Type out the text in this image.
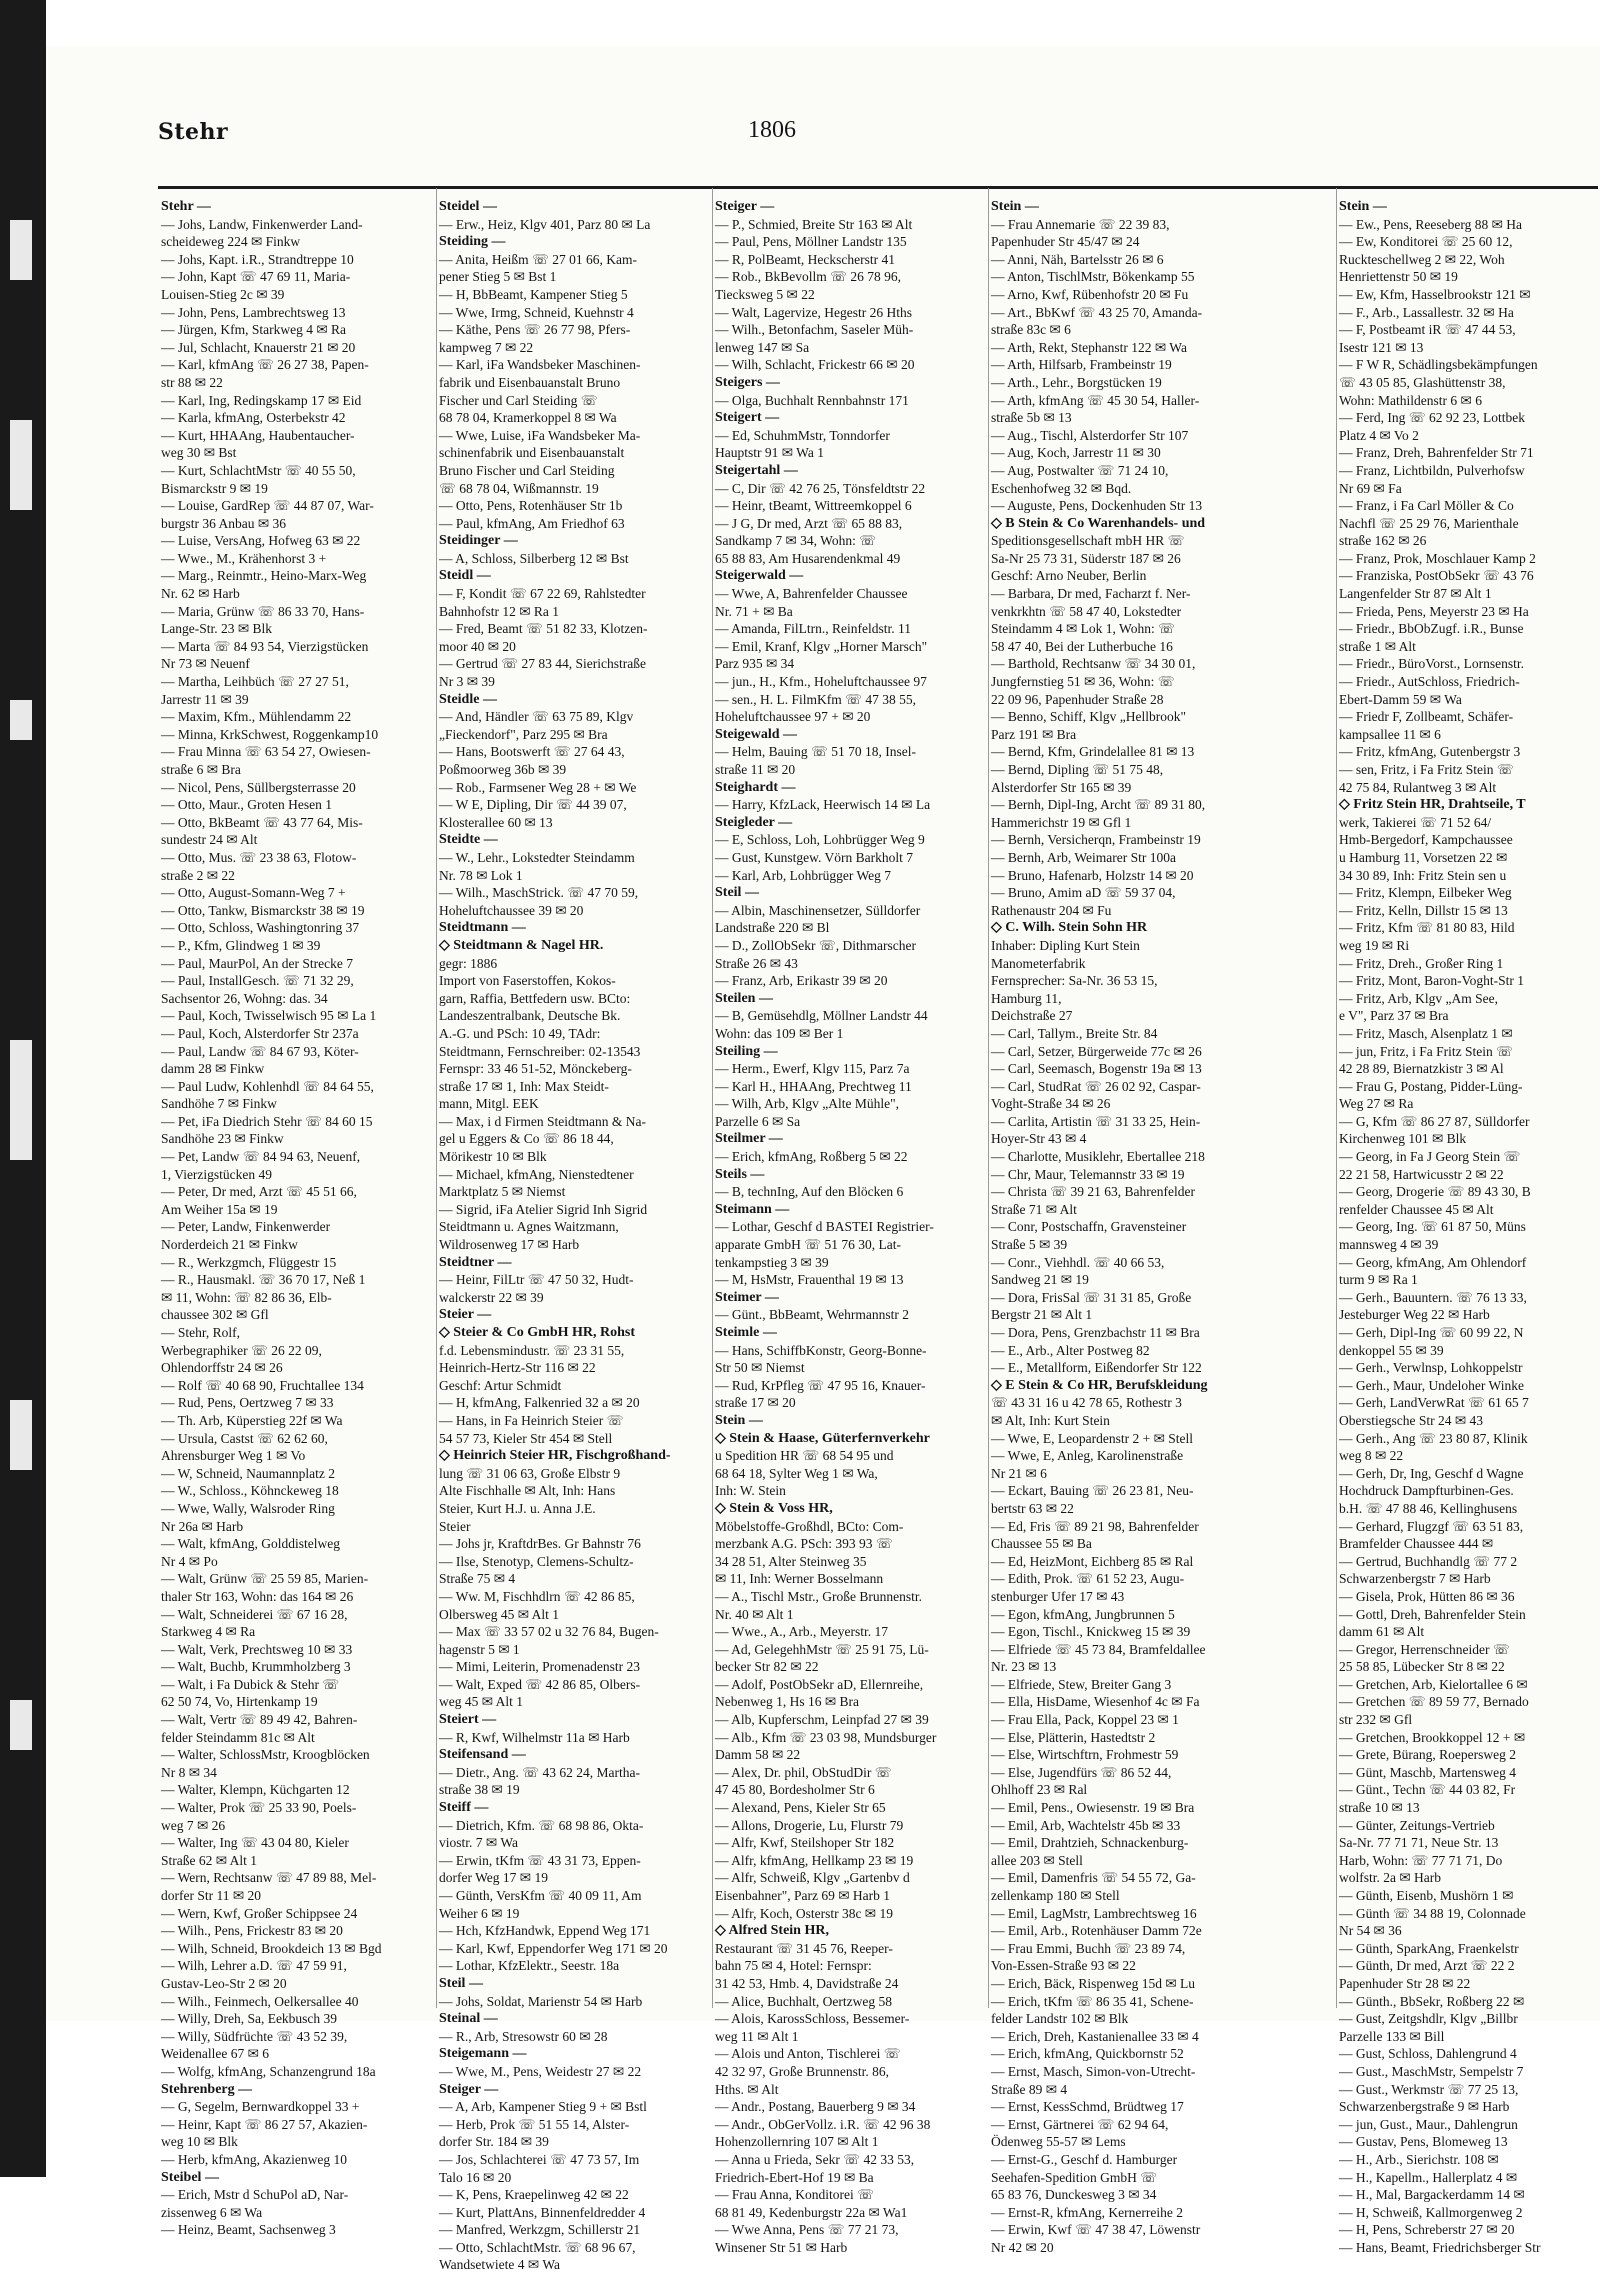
Stehr	1806
Stehr —
— Johs, Landw, Finkenwerder Land-
scheideweg 224 ✉ Finkw
— Johs, Kapt. i.R., Strandtreppe 10
— John, Kapt ☏ 47 69 11, Maria-
Louisen-Stieg 2c ✉ 39
— John, Pens, Lambrechtsweg 13
— Jürgen, Kfm, Starkweg 4 ✉ Ra
— Jul, Schlacht, Knauerstr 21 ✉ 20
— Karl, kfmAng ☏ 26 27 38, Papen-
str 88 ✉ 22
— Karl, Ing, Redingskamp 17 ✉ Eid
— Karla, kfmAng, Osterbekstr 42
— Kurt, HHAAng, Haubentaucher-
weg 30 ✉ Bst
— Kurt, SchlachtMstr ☏ 40 55 50,
Bismarckstr 9 ✉ 19
— Louise, GardRep ☏ 44 87 07, War-
burgstr 36 Anbau ✉ 36
— Luise, VersAng, Hofweg 63 ✉ 22
— Wwe., M., Krähenhorst 3 +
— Marg., Reinmtr., Heino-Marx-Weg
Nr. 62 ✉ Harb
— Maria, Grünw ☏ 86 33 70, Hans-
Lange-Str. 23 ✉ Blk
— Marta ☏ 84 93 54, Vierzigstücken
Nr 73 ✉ Neuenf
— Martha, Leihbüch ☏ 27 27 51,
Jarrestr 11 ✉ 39
— Maxim, Kfm., Mühlendamm 22
— Minna, KrkSchwest, Roggenkamp10
— Frau Minna ☏ 63 54 27, Owiesen-
straße 6 ✉ Bra
— Nicol, Pens, Süllbergsterrasse 20
— Otto, Maur., Groten Hesen 1
— Otto, BkBeamt ☏ 43 77 64, Mis-
sundestr 24 ✉ Alt
— Otto, Mus. ☏ 23 38 63, Flotow-
straße 2 ✉ 22
— Otto, August-Somann-Weg 7 +
— Otto, Tankw, Bismarckstr 38 ✉ 19
— Otto, Schloss, Washingtonring 37
— P., Kfm, Glindweg 1 ✉ 39
— Paul, MaurPol, An der Strecke 7
— Paul, InstallGesch. ☏ 71 32 29,
Sachsentor 26, Wohng: das. 34
— Paul, Koch, Twisselwisch 95 ✉ La 1
— Paul, Koch, Alsterdorfer Str 237a
— Paul, Landw ☏ 84 67 93, Köter-
damm 28 ✉ Finkw
— Paul Ludw, Kohlenhdl ☏ 84 64 55,
Sandhöhe 7 ✉ Finkw
— Pet, iFa Diedrich Stehr ☏ 84 60 15
Sandhöhe 23 ✉ Finkw
— Pet, Landw ☏ 84 94 63, Neuenf,
1, Vierzigstücken 49
— Peter, Dr med, Arzt ☏ 45 51 66,
Am Weiher 15a ✉ 19
— Peter, Landw, Finkenwerder
Norderdeich 21 ✉ Finkw
— R., Werkzgmch, Flüggestr 15
— R., Hausmakl. ☏ 36 70 17, Neß 1
✉ 11, Wohn: ☏ 82 86 36, Elb-
chaussee 302 ✉ Gfl
— Stehr, Rolf,
Werbegraphiker ☏ 26 22 09,
Ohlendorffstr 24 ✉ 26
— Rolf ☏ 40 68 90, Fruchtallee 134
— Rud, Pens, Oertzweg 7 ✉ 33
— Th. Arb, Küperstieg 22f ✉ Wa
— Ursula, Castst ☏ 62 62 60,
Ahrensburger Weg 1 ✉ Vo
— W, Schneid, Naumannplatz 2
— W., Schloss., Köhnckeweg 18
— Wwe, Wally, Walsroder Ring
Nr 26a ✉ Harb
— Walt, kfmAng, Golddistelweg
Nr 4 ✉ Po
— Walt, Grünw ☏ 25 59 85, Marien-
thaler Str 163, Wohn: das 164 ✉ 26
— Walt, Schneiderei ☏ 67 16 28,
Starkweg 4 ✉ Ra
— Walt, Verk, Prechtsweg 10 ✉ 33
— Walt, Buchb, Krummholzberg 3
— Walt, i Fa Dubick & Stehr ☏
62 50 74, Vo, Hirtenkamp 19
— Walt, Vertr ☏ 89 49 42, Bahren-
felder Steindamm 81c ✉ Alt
— Walter, SchlossMstr, Kroogblöcken
Nr 8 ✉ 34
— Walter, Klempn, Küchgarten 12
— Walter, Prok ☏ 25 33 90, Poels-
weg 7 ✉ 26
— Walter, Ing ☏ 43 04 80, Kieler
Straße 62 ✉ Alt 1
— Wern, Rechtsanw ☏ 47 89 88, Mel-
dorfer Str 11 ✉ 20
— Wern, Kwf, Großer Schippsee 24
— Wilh., Pens, Frickestr 83 ✉ 20
— Wilh, Schneid, Brookdeich 13 ✉ Bgd
— Wilh, Lehrer a.D. ☏ 47 59 91,
Gustav-Leo-Str 2 ✉ 20
— Wilh., Feinmech, Oelkersallee 40
— Willy, Dreh, Sa, Eekbusch 39
— Willy, Südfrüchte ☏ 43 52 39,
Weidenallee 67 ✉ 6
— Wolfg, kfmAng, Schanzengrund 18a
Stehrenberg —
— G, Segelm, Bernwardkoppel 33 +
— Heinr, Kapt ☏ 86 27 57, Akazien-
weg 10 ✉ Blk
— Herb, kfmAng, Akazienweg 10
Steibel —
— Erich, Mstr d SchuPol aD, Nar-
zissenweg 6 ✉ Wa
— Heinz, Beamt, Sachsenweg 3
Steidel —
— Erw., Heiz, Klgv 401, Parz 80 ✉ La
Steiding —
— Anita, Heißm ☏ 27 01 66, Kam-
pener Stieg 5 ✉ Bst 1
— H, BbBeamt, Kampener Stieg 5
— Wwe, Irmg, Schneid, Kuehnstr 4
— Käthe, Pens ☏ 26 77 98, Pfers-
kampweg 7 ✉ 22
— Karl, iFa Wandsbeker Maschinen-
fabrik und Eisenbauanstalt Bruno
Fischer und Carl Steiding ☏
68 78 04, Kramerkoppel 8 ✉ Wa
— Wwe, Luise, iFa Wandsbeker Ma-
schinenfabrik und Eisenbauanstalt
Bruno Fischer und Carl Steiding
☏ 68 78 04, Wißmannstr. 19
— Otto, Pens, Rotenhäuser Str 1b
— Paul, kfmAng, Am Friedhof 63
Steidinger —
— A, Schloss, Silberberg 12 ✉ Bst
Steidl —
— F, Kondit ☏ 67 22 69, Rahlstedter
Bahnhofstr 12 ✉ Ra 1
— Fred, Beamt ☏ 51 82 33, Klotzen-
moor 40 ✉ 20
— Gertrud ☏ 27 83 44, Sierichstraße
Nr 3 ✉ 39
Steidle —
— And, Händler ☏ 63 75 89, Klgv
„Fieckendorf", Parz 295 ✉ Bra
— Hans, Bootswerft ☏ 27 64 43,
Poßmoorweg 36b ✉ 39
— Rob., Farmsener Weg 28 + ✉ We
— W E, Dipling, Dir ☏ 44 39 07,
Klosterallee 60 ✉ 13
Steidte —
— W., Lehr., Lokstedter Steindamm
Nr. 78 ✉ Lok 1
— Wilh., MaschStrick. ☏ 47 70 59,
Hoheluftchaussee 39 ✉ 20
Steidtmann —
◇ Steidtmann & Nagel HR.
gegr: 1886
Import von Faserstoffen, Kokos-
garn, Raffia, Bettfedern usw. BCto:
Landeszentralbank, Deutsche Bk.
A.-G. und PSch: 10 49, TAdr:
Steidtmann, Fernschreiber: 02-13543
Fernspr: 33 46 51-52, Mönckeberg-
straße 17 ✉ 1, Inh: Max Steidt-
mann, Mitgl. EEK
— Max, i d Firmen Steidtmann & Na-
gel u Eggers & Co ☏ 86 18 44,
Mörikestr 10 ✉ Blk
— Michael, kfmAng, Nienstedtener
Marktplatz 5 ✉ Niemst
— Sigrid, iFa Atelier Sigrid Inh Sigrid
Steidtmann u. Agnes Waitzmann,
Wildrosenweg 17 ✉ Harb
Steidtner —
— Heinr, FilLtr ☏ 47 50 32, Hudt-
walckerstr 22 ✉ 39
Steier —
◇ Steier & Co GmbH HR, Rohst
f.d. Lebensmindustr. ☏ 23 31 55,
Heinrich-Hertz-Str 116 ✉ 22
Geschf: Artur Schmidt
— H, kfmAng, Falkenried 32 a ✉ 20
— Hans, in Fa Heinrich Steier ☏
54 57 73, Kieler Str 454 ✉ Stell
◇ Heinrich Steier HR, Fischgroßhand-
lung ☏ 31 06 63, Große Elbstr 9
Alte Fischhalle ✉ Alt, Inh: Hans
Steier, Kurt H.J. u. Anna J.E.
Steier
— Johs jr, KraftdrBes. Gr Bahnstr 76
— Ilse, Stenotyp, Clemens-Schultz-
Straße 75 ✉ 4
— Ww. M, Fischhdlrn ☏ 42 86 85,
Olbersweg 45 ✉ Alt 1
— Max ☏ 33 57 02 u 32 76 84, Bugen-
hagenstr 5 ✉ 1
— Mimi, Leiterin, Promenadenstr 23
— Walt, Exped ☏ 42 86 85, Olbers-
weg 45 ✉ Alt 1
Steiert —
— R, Kwf, Wilhelmstr 11a ✉ Harb
Steifensand —
— Dietr., Ang. ☏ 43 62 24, Martha-
straße 38 ✉ 19
Steiff —
— Dietrich, Kfm. ☏ 68 98 86, Okta-
viostr. 7 ✉ Wa
— Erwin, tKfm ☏ 43 31 73, Eppen-
dorfer Weg 17 ✉ 19
— Günth, VersKfm ☏ 40 09 11, Am
Weiher 6 ✉ 19
— Hch, KfzHandwk, Eppend Weg 171
— Karl, Kwf, Eppendorfer Weg 171 ✉ 20
— Lothar, KfzElektr., Seestr. 18a
Steil —
— Johs, Soldat, Marienstr 54 ✉ Harb
Steinal —
— R., Arb, Stresowstr 60 ✉ 28
Steigemann —
— Wwe, M., Pens, Weidestr 27 ✉ 22
Steiger —
— A, Arb, Kampener Stieg 9 + ✉ Bstl
— Herb, Prok ☏ 51 55 14, Alster-
dorfer Str. 184 ✉ 39
— Jos, Schlachterei ☏ 47 73 57, Im
Talo 16 ✉ 20
— K, Pens, Kraepelinweg 42 ✉ 22
— Kurt, PlattAns, Binnenfeldredder 4
— Manfred, Werkzgm, Schillerstr 21
— Otto, SchlachtMstr. ☏ 68 96 67,
Wandsetwiete 4 ✉ Wa
Steiger —
— P., Schmied, Breite Str 163 ✉ Alt
— Paul, Pens, Möllner Landstr 135
— R, PolBeamt, Heckscherstr 41
— Rob., BkBevollm ☏ 26 78 96,
Tiecksweg 5 ✉ 22
— Walt, Lagervize, Hegestr 26 Hths
— Wilh., Betonfachm, Saseler Müh-
lenweg 147 ✉ Sa
— Wilh, Schlacht, Frickestr 66 ✉ 20
Steigers —
— Olga, Buchhalt Rennbahnstr 171
Steigert —
— Ed, SchuhmMstr, Tonndorfer
Hauptstr 91 ✉ Wa 1
Steigertahl —
— C, Dir ☏ 42 76 25, Tönsfeldtstr 22
— Heinr, tBeamt, Wittreemkoppel 6
— J G, Dr med, Arzt ☏ 65 88 83,
Sandkamp 7 ✉ 34, Wohn: ☏
65 88 83, Am Husarendenkmal 49
Steigerwald —
— Wwe, A, Bahrenfelder Chaussee
Nr. 71 + ✉ Ba
— Amanda, FilLtrn., Reinfeldstr. 11
— Emil, Kranf, Klgv „Horner Marsch"
Parz 935 ✉ 34
— jun., H., Kfm., Hoheluftchaussee 97
— sen., H. L. FilmKfm ☏ 47 38 55,
Hoheluftchaussee 97 + ✉ 20
Steigewald —
— Helm, Bauing ☏ 51 70 18, Insel-
straße 11 ✉ 20
Steighardt —
— Harry, KfzLack, Heerwisch 14 ✉ La
Steigleder —
— E, Schloss, Loh, Lohbrügger Weg 9
— Gust, Kunstgew. Vörn Barkholt 7
— Karl, Arb, Lohbrügger Weg 7
Steil —
— Albin, Maschinensetzer, Sülldorfer
Landstraße 220 ✉ Bl
— D., ZollObSekr ☏, Dithmarscher
Straße 26 ✉ 43
— Franz, Arb, Erikastr 39 ✉ 20
Steilen —
— B, Gemüsehdlg, Möllner Landstr 44
Wohn: das 109 ✉ Ber 1
Steiling —
— Herm., Ewerf, Klgv 115, Parz 7a
— Karl H., HHAAng, Prechtweg 11
— Wilh, Arb, Klgv „Alte Mühle",
Parzelle 6 ✉ Sa
Steilmer —
— Erich, kfmAng, Roßberg 5 ✉ 22
Steils —
— B, technIng, Auf den Blöcken 6
Steimann —
— Lothar, Geschf d BASTEI Registrier-
apparate GmbH ☏ 51 76 30, Lat-
tenkampstieg 3 ✉ 39
— M, HsMstr, Frauenthal 19 ✉ 13
Steimer —
— Günt., BbBeamt, Wehrmannstr 2
Steimle —
— Hans, SchiffbKonstr, Georg-Bonne-
Str 50 ✉ Niemst
— Rud, KrPfleg ☏ 47 95 16, Knauer-
straße 17 ✉ 20
Stein —
◇ Stein & Haase, Güterfernverkehr
u Spedition HR ☏ 68 54 95 und
68 64 18, Sylter Weg 1 ✉ Wa,
Inh: W. Stein
◇ Stein & Voss HR,
Möbelstoffe-Großhdl, BCto: Com-
merzbank A.G. PSch: 393 93 ☏
34 28 51, Alter Steinweg 35
✉ 11, Inh: Werner Bosselmann
— A., Tischl Mstr., Große Brunnenstr.
Nr. 40 ✉ Alt 1
— Wwe., A., Arb., Meyerstr. 17
— Ad, GelegehhMstr ☏ 25 91 75, Lü-
becker Str 82 ✉ 22
— Adolf, PostObSekr aD, Ellernreihe,
Nebenweg 1, Hs 16 ✉ Bra
— Alb, Kupferschm, Leinpfad 27 ✉ 39
— Alb., Kfm ☏ 23 03 98, Mundsburger
Damm 58 ✉ 22
— Alex, Dr. phil, ObStudDir ☏
47 45 80, Bordesholmer Str 6
— Alexand, Pens, Kieler Str 65
— Allons, Drogerie, Lu, Flurstr 79
— Alfr, Kwf, Steilshoper Str 182
— Alfr, kfmAng, Hellkamp 23 ✉ 19
— Alfr, Schweiß, Klgv „Gartenbv d
Eisenbahner", Parz 69 ✉ Harb 1
— Alfr, Koch, Osterstr 38c ✉ 19
◇ Alfred Stein HR,
Restaurant ☏ 31 45 76, Reeper-
bahn 75 ✉ 4, Hotel: Fernspr:
31 42 53, Hmb. 4, Davidstraße 24
— Alice, Buchhalt, Oertzweg 58
— Alois, KarossSchloss, Bessemer-
weg 11 ✉ Alt 1
— Alois und Anton, Tischlerei ☏
42 32 97, Große Brunnenstr. 86,
Hths. ✉ Alt
— Andr., Postang, Bauerberg 9 ✉ 34
— Andr., ObGerVollz. i.R. ☏ 42 96 38
Hohenzollernring 107 ✉ Alt 1
— Anna u Frieda, Sekr ☏ 42 33 53,
Friedrich-Ebert-Hof 19 ✉ Ba
— Frau Anna, Konditorei ☏
68 81 49, Kedenburgstr 22a ✉ Wa1
— Wwe Anna, Pens ☏ 77 21 73,
Winsener Str 51 ✉ Harb
Stein —
— Frau Annemarie ☏ 22 39 83,
Papenhuder Str 45/47 ✉ 24
— Anni, Näh, Bartelsstr 26 ✉ 6
— Anton, TischlMstr, Bökenkamp 55
— Arno, Kwf, Rübenhofstr 20 ✉ Fu
— Art., BbKwf ☏ 43 25 70, Amanda-
straße 83c ✉ 6
— Arth, Rekt, Stephanstr 122 ✉ Wa
— Arth, Hilfsarb, Frambeinstr 19
— Arth., Lehr., Borgstücken 19
— Arth, kfmAng ☏ 45 30 54, Haller-
straße 5b ✉ 13
— Aug., Tischl, Alsterdorfer Str 107
— Aug, Koch, Jarrestr 11 ✉ 30
— Aug, Postwalter ☏ 71 24 10,
Eschenhofweg 32 ✉ Bqd.
— Auguste, Pens, Dockenhuden Str 13
◇ B Stein & Co Warenhandels- und
Speditionsgesellschaft mbH HR ☏
Sa-Nr 25 73 31, Süderstr 187 ✉ 26
Geschf: Arno Neuber, Berlin
— Barbara, Dr med, Facharzt f. Ner-
venkrkhtn ☏ 58 47 40, Lokstedter
Steindamm 4 ✉ Lok 1, Wohn: ☏
58 47 40, Bei der Lutherbuche 16
— Barthold, Rechtsanw ☏ 34 30 01,
Jungfernstieg 51 ✉ 36, Wohn: ☏
22 09 96, Papenhuder Straße 28
— Benno, Schiff, Klgv „Hellbrook"
Parz 191 ✉ Bra
— Bernd, Kfm, Grindelallee 81 ✉ 13
— Bernd, Dipling ☏ 51 75 48,
Alsterdorfer Str 165 ✉ 39
— Bernh, Dipl-Ing, Archt ☏ 89 31 80,
Hammerichstr 19 ✉ Gfl 1
— Bernh, Versicherqn, Frambeinstr 19
— Bernh, Arb, Weimarer Str 100a
— Bruno, Hafenarb, Holzstr 14 ✉ 20
— Bruno, Amim aD ☏ 59 37 04,
Rathenaustr 204 ✉ Fu
◇ C. Wilh. Stein Sohn HR
Inhaber: Dipling Kurt Stein
Manometerfabrik
Fernsprecher: Sa-Nr. 36 53 15,
Hamburg 11,
Deichstraße 27
— Carl, Tallym., Breite Str. 84
— Carl, Setzer, Bürgerweide 77c ✉ 26
— Carl, Seemasch, Bogenstr 19a ✉ 13
— Carl, StudRat ☏ 26 02 92, Caspar-
Voght-Straße 34 ✉ 26
— Carlita, Artistin ☏ 31 33 25, Hein-
Hoyer-Str 43 ✉ 4
— Charlotte, Musiklehr, Ebertallee 218
— Chr, Maur, Telemannstr 33 ✉ 19
— Christa ☏ 39 21 63, Bahrenfelder
Straße 71 ✉ Alt
— Conr, Postschaffn, Gravensteiner
Straße 5 ✉ 39
— Conr., Viehhdl. ☏ 40 66 53,
Sandweg 21 ✉ 19
— Dora, FrisSal ☏ 31 31 85, Große
Bergstr 21 ✉ Alt 1
— Dora, Pens, Grenzbachstr 11 ✉ Bra
— E., Arb., Alter Postweg 82
— E., Metallform, Eißendorfer Str 122
◇ E Stein & Co HR, Berufskleidung
☏ 43 31 16 u 42 78 65, Rothestr 3
✉ Alt, Inh: Kurt Stein
— Wwe, E, Leopardenstr 2 + ✉ Stell
— Wwe, E, Anleg, Karolinenstraße
Nr 21 ✉ 6
— Eckart, Bauing ☏ 26 23 81, Neu-
bertstr 63 ✉ 22
— Ed, Fris ☏ 89 21 98, Bahrenfelder
Chaussee 55 ✉ Ba
— Ed, HeizMont, Eichberg 85 ✉ Ral
— Edith, Prok. ☏ 61 52 23, Augu-
stenburger Ufer 17 ✉ 43
— Egon, kfmAng, Jungbrunnen 5
— Egon, Tischl., Knickweg 15 ✉ 39
— Elfriede ☏ 45 73 84, Bramfeldallee
Nr. 23 ✉ 13
— Elfriede, Stew, Breiter Gang 3
— Ella, HisDame, Wiesenhof 4c ✉ Fa
— Frau Ella, Pack, Koppel 23 ✉ 1
— Else, Plätterin, Hastedtstr 2
— Else, Wirtschftrn, Frohmestr 59
— Else, Jugendfürs ☏ 86 52 44,
Ohlhoff 23 ✉ Ral
— Emil, Pens., Owiesenstr. 19 ✉ Bra
— Emil, Arb, Wachtelstr 45b ✉ 33
— Emil, Drahtzieh, Schnackenburg-
allee 203 ✉ Stell
— Emil, Damenfris ☏ 54 55 72, Ga-
zellenkamp 180 ✉ Stell
— Emil, LagMstr, Lambrechtsweg 16
— Emil, Arb., Rotenhäuser Damm 72e
— Frau Emmi, Buchh ☏ 23 89 74,
Von-Essen-Straße 93 ✉ 22
— Erich, Bäck, Rispenweg 15d ✉ Lu
— Erich, tKfm ☏ 86 35 41, Schene-
felder Landstr 102 ✉ Blk
— Erich, Dreh, Kastanienallee 33 ✉ 4
— Erich, kfmAng, Quickbornstr 52
— Ernst, Masch, Simon-von-Utrecht-
Straße 89 ✉ 4
— Ernst, KessSchmd, Brüdtweg 17
— Ernst, Gärtnerei ☏ 62 94 64,
Ödenweg 55-57 ✉ Lems
— Ernst-G., Geschf d. Hamburger
Seehafen-Spedition GmbH ☏
65 83 76, Dunckesweg 3 ✉ 34
— Ernst-R, kfmAng, Kernerreihe 2
— Erwin, Kwf ☏ 47 38 47, Löwenstr
Nr 42 ✉ 20
Stein —
— Ew., Pens, Reeseberg 88 ✉ Ha
— Ew, Konditorei ☏ 25 60 12,
Ruckteschellweg 2 ✉ 22, Woh
Henriettenstr 50 ✉ 19
— Ew, Kfm, Hasselbrookstr 121 ✉
— F., Arb., Lassallestr. 32 ✉ Ha
— F, Postbeamt iR ☏ 47 44 53,
Isestr 121 ✉ 13
— F W R, Schädlingsbekämpfungen
☏ 43 05 85, Glashüttenstr 38,
Wohn: Mathildenstr 6 ✉ 6
— Ferd, Ing ☏ 62 92 23, Lottbek
Platz 4 ✉ Vo 2
— Franz, Dreh, Bahrenfelder Str 71
— Franz, Lichtbildn, Pulverhofsw
Nr 69 ✉ Fa
— Franz, i Fa Carl Möller & Co
Nachfl ☏ 25 29 76, Marienthale
straße 162 ✉ 26
— Franz, Prok, Moschlauer Kamp 2
— Franziska, PostObSekr ☏ 43 76
Langenfelder Str 87 ✉ Alt 1
— Frieda, Pens, Meyerstr 23 ✉ Ha
— Friedr., BbObZugf. i.R., Bunse
straße 1 ✉ Alt
— Friedr., BüroVorst., Lornsenstr.
— Friedr., AutSchloss, Friedrich-
Ebert-Damm 59 ✉ Wa
— Friedr F, Zollbeamt, Schäfer-
kampsallee 11 ✉ 6
— Fritz, kfmAng, Gutenbergstr 3
— sen, Fritz, i Fa Fritz Stein ☏
42 75 84, Rulantweg 3 ✉ Alt
◇ Fritz Stein HR, Drahtseile, T
werk, Takierei ☏ 71 52 64/
Hmb-Bergedorf, Kampchaussee
u Hamburg 11, Vorsetzen 22 ✉
34 30 89, Inh: Fritz Stein sen u
— Fritz, Klempn, Eilbeker Weg
— Fritz, Kelln, Dillstr 15 ✉ 13
— Fritz, Kfm ☏ 81 80 83, Hild
weg 19 ✉ Ri
— Fritz, Dreh., Großer Ring 1
— Fritz, Mont, Baron-Voght-Str 1
— Fritz, Arb, Klgv „Am See,
e V", Parz 37 ✉ Bra
— Fritz, Masch, Alsenplatz 1 ✉
— jun, Fritz, i Fa Fritz Stein ☏
42 28 89, Biernatzkistr 3 ✉ Al
— Frau G, Postang, Pidder-Lüng-
Weg 27 ✉ Ra
— G, Kfm ☏ 86 27 87, Sülldorfer
Kirchenweg 101 ✉ Blk
— Georg, in Fa J Georg Stein ☏
22 21 58, Hartwicusstr 2 ✉ 22
— Georg, Drogerie ☏ 89 43 30, B
renfelder Chaussee 45 ✉ Alt
— Georg, Ing. ☏ 61 87 50, Müns
mannsweg 4 ✉ 39
— Georg, kfmAng, Am Ohlendorf
turm 9 ✉ Ra 1
— Gerh., Bauuntern. ☏ 76 13 33,
Jesteburger Weg 22 ✉ Harb
— Gerh, Dipl-Ing ☏ 60 99 22, N
denkoppel 55 ✉ 39
— Gerh., Verwlnsp, Lohkoppelstr
— Gerh., Maur, Undeloher Winke
— Gerh, LandVerwRat ☏ 61 65 7
Oberstiegsche Str 24 ✉ 43
— Gerh., Ang ☏ 23 80 87, Klinik
weg 8 ✉ 22
— Gerh, Dr, Ing, Geschf d Wagne
Hochdruck Dampfturbinen-Ges.
b.H. ☏ 47 88 46, Kellinghusens
— Gerhard, Flugzgf ☏ 63 51 83,
Bramfelder Chaussee 444 ✉
— Gertrud, Buchhandlg ☏ 77 2
Schwarzenbergstr 7 ✉ Harb
— Gisela, Prok, Hütten 86 ✉ 36
— Gottl, Dreh, Bahrenfelder Stein
damm 61 ✉ Alt
— Gregor, Herrenschneider ☏
25 58 85, Lübecker Str 8 ✉ 22
— Gretchen, Arb, Kielortallee 6 ✉
— Gretchen ☏ 89 59 77, Bernado
str 232 ✉ Gfl
— Gretchen, Brookkoppel 12 + ✉
— Grete, Bürang, Roepersweg 2
— Günt, Maschb, Martensweg 4
— Günt., Techn ☏ 44 03 82, Fr
straße 10 ✉ 13
— Günter, Zeitungs-Vertrieb
Sa-Nr. 77 71 71, Neue Str. 13
Harb, Wohn: ☏ 77 71 71, Do
wolfstr. 2a ✉ Harb
— Günth, Eisenb, Mushörn 1 ✉
— Günth ☏ 34 88 19, Colonnade
Nr 54 ✉ 36
— Günth, SparkAng, Fraenkelstr
— Günth, Dr med, Arzt ☏ 22 2
Papenhuder Str 28 ✉ 22
— Günth., BbSekr, Roßberg 22 ✉
— Gust, Zeitgshdlr, Klgv „Billbr
Parzelle 133 ✉ Bill
— Gust, Schloss, Dahlengrund 4
— Gust., MaschMstr, Sempelstr 7
— Gust., Werkmstr ☏ 77 25 13,
Schwarzenbergstraße 9 ✉ Harb
— jun, Gust., Maur., Dahlengrun
— Gustav, Pens, Blomeweg 13
— H., Arb., Sierichstr. 108 ✉
— H., Kapellm., Hallerplatz 4 ✉
— H., Mal, Bargackerdamm 14 ✉
— H, Schweiß, Kallmorgenweg 2
— H, Pens, Schreberstr 27 ✉ 20
— Hans, Beamt, Friedrichsberger Str
